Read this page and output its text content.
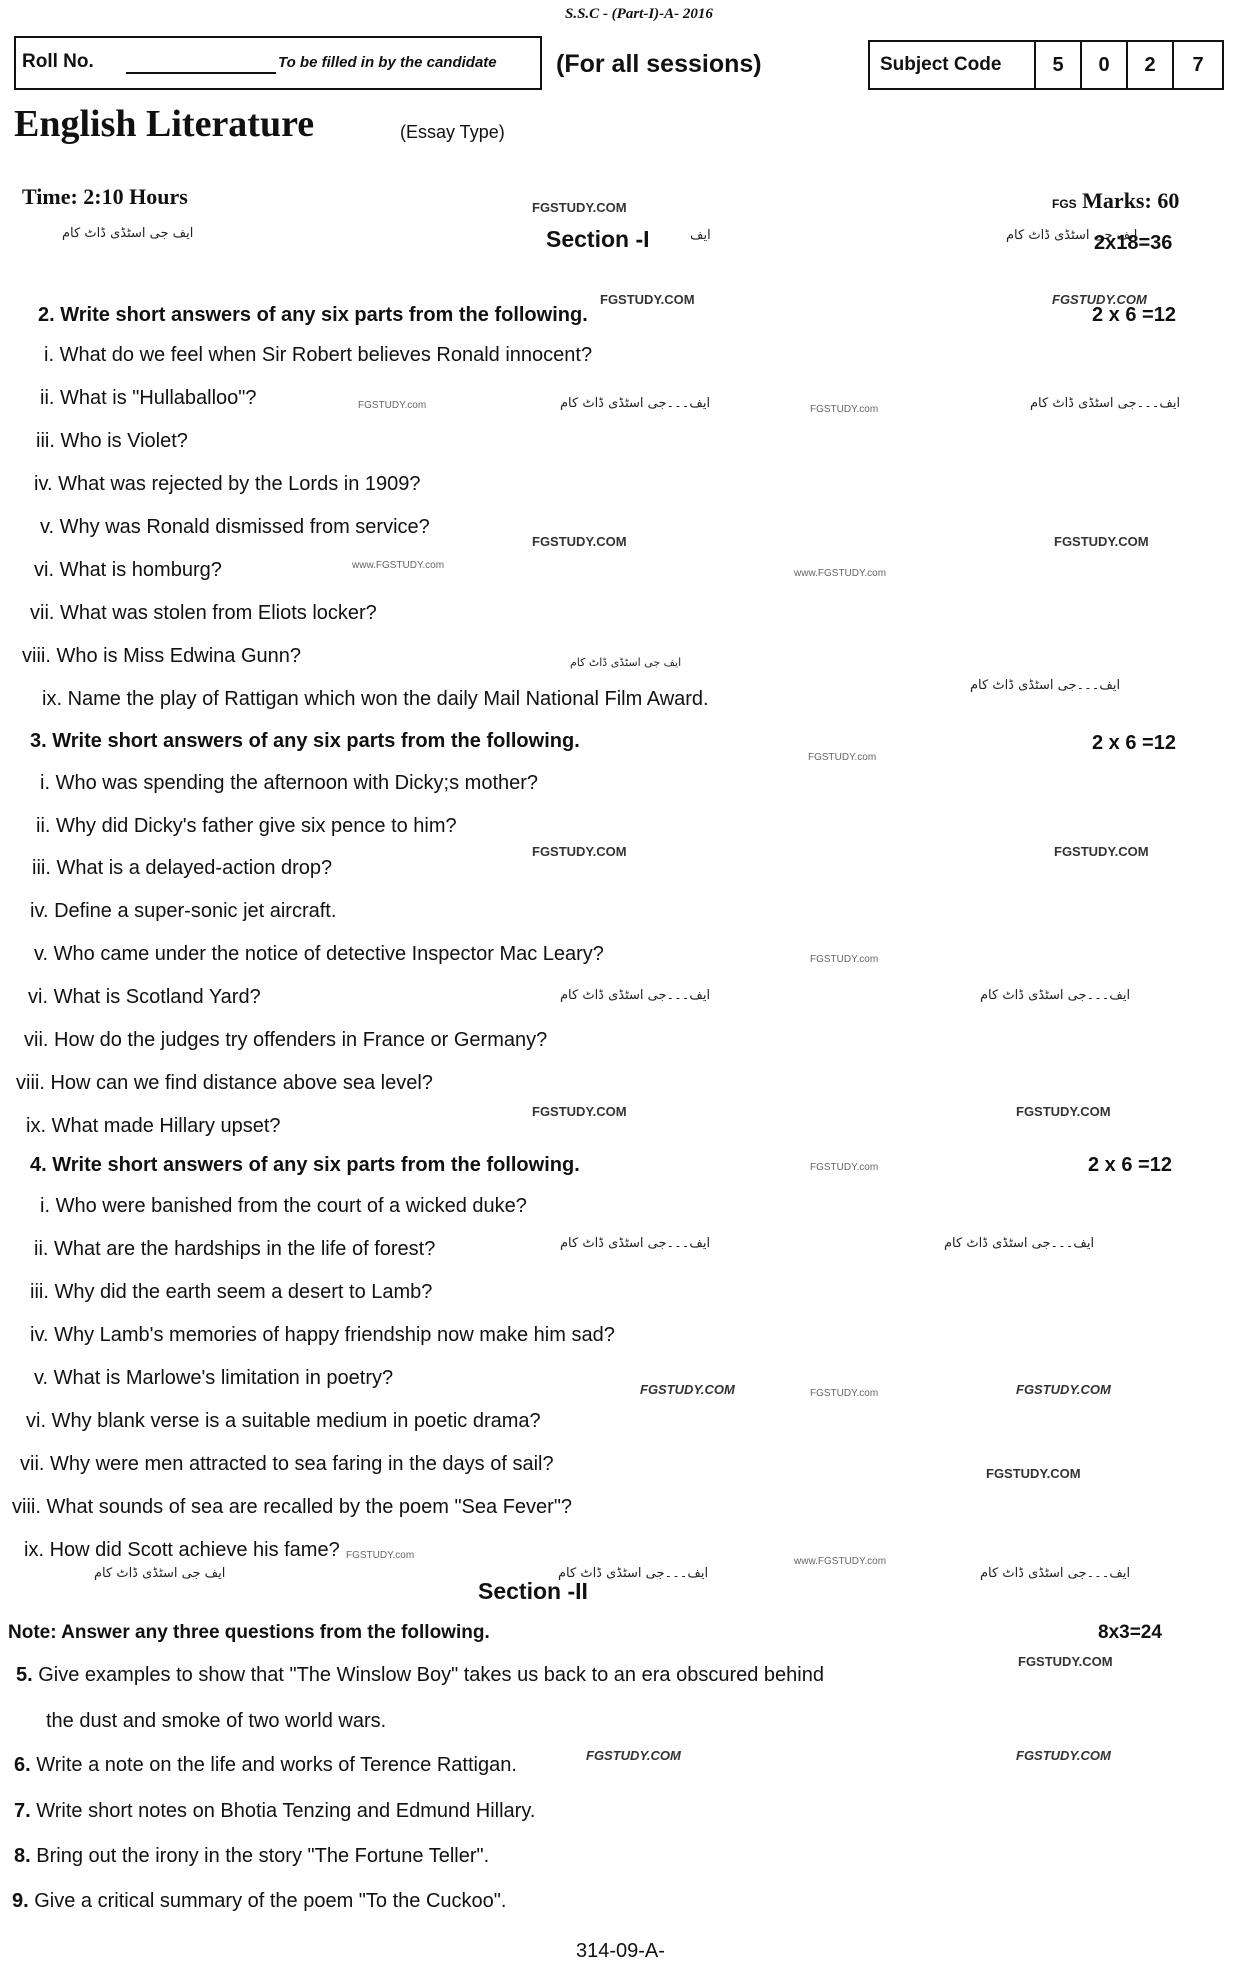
S.S.C - (Part-I)-A- 2016
Roll No.	To be filled in by the candidate (For all sessions)	Subject Code	5	0	2	7
English Literature	(Essay Type)
Time: 2:10 Hours	FGS Marks: 60
FGSTUDY.COM
ایف جی اسٹڈی ڈاٹ کام	Section -I	ایف	ایف جی اسٹڈی ڈاٹ کام
2x18=36
2. Write short answers of any six parts from the following.
FGSTUDY.COM	FGSTUDY.COM
2 x 6 =12
i. What do we feel when Sir Robert believes Ronald innocent?
ii. What is "Hullaballoo"?
iii. Who is Violet?
iv. What was rejected by the Lords in 1909?
v. Why was Ronald dismissed from service?
vi. What is homburg?
vii. What was stolen from Eliots locker?
viii. Who is Miss Edwina Gunn?
ix. Name the play of Rattigan which won the daily Mail National Film Award.
FGSTUDY.com	ایف۔۔۔جی اسٹڈی ڈاٹ کام	FGSTUDY.com	ایف۔۔۔جی اسٹڈی ڈاٹ کام
FGSTUDY.COM	FGSTUDY.COM
www.FGSTUDY.com
www.FGSTUDY.com
ایف جی اسٹڈی ڈاٹ کام
ایف۔۔۔جی اسٹڈی ڈاٹ کام
3. Write short answers of any six parts from the following.
FGSTUDY.com
2 x 6 =12
i. Who was spending the afternoon with Dicky;s mother?
ii. Why did Dicky's father give six pence to him?
iii. What is a delayed-action drop?
iv. Define a super-sonic jet aircraft.
v. Who came under the notice of detective Inspector Mac Leary?
vi. What is Scotland Yard?
vii. How do the judges try offenders in France or Germany?
viii. How can we find distance above sea level?
ix. What made Hillary upset?
FGSTUDY.COM	FGSTUDY.COM
FGSTUDY.com
ایف۔۔۔جی اسٹڈی ڈاٹ کام	ایف۔۔۔جی اسٹڈی ڈاٹ کام
FGSTUDY.COM	FGSTUDY.COM
4. Write short answers of any six parts from the following.	FGSTUDY.com	2 x 6 =12
i. Who were banished from the court of a wicked duke?
ii. What are the hardships in the life of forest?
iii. Why did the earth seem a desert to Lamb?
iv. Why Lamb's memories of happy friendship now make him sad?
v. What is Marlowe's limitation in poetry?
vi. Why blank verse is a suitable medium in poetic drama?
vii. Why were men attracted to sea faring in the days of sail?
viii. What sounds of sea are recalled by the poem "Sea Fever"?
ix. How did Scott achieve his fame?
ایف۔۔۔جی اسٹڈی ڈاٹ کام	ایف۔۔۔جی اسٹڈی ڈاٹ کام
FGSTUDY.COM	FGSTUDY.com	FGSTUDY.COM
FGSTUDY.COM
FGSTUDY.com
www.FGSTUDY.com
ایف جی اسٹڈی ڈاٹ کام	ایف۔۔۔جی اسٹڈی ڈاٹ کام	ایف۔۔۔جی اسٹڈی ڈاٹ کام
Section -II
Note: Answer any three questions from the following.	8x3=24
5. Give examples to show that "The Winslow Boy" takes us back to an era obscured behind
the dust and smoke of two world wars.
FGSTUDY.COM
6. Write a note on the life and works of Terence Rattigan.	FGSTUDY.COM	FGSTUDY.COM
7. Write short notes on Bhotia Tenzing and Edmund Hillary.
8. Bring out the irony in the story "The Fortune Teller".
9. Give a critical summary of the poem "To the Cuckoo".
314-09-A-
